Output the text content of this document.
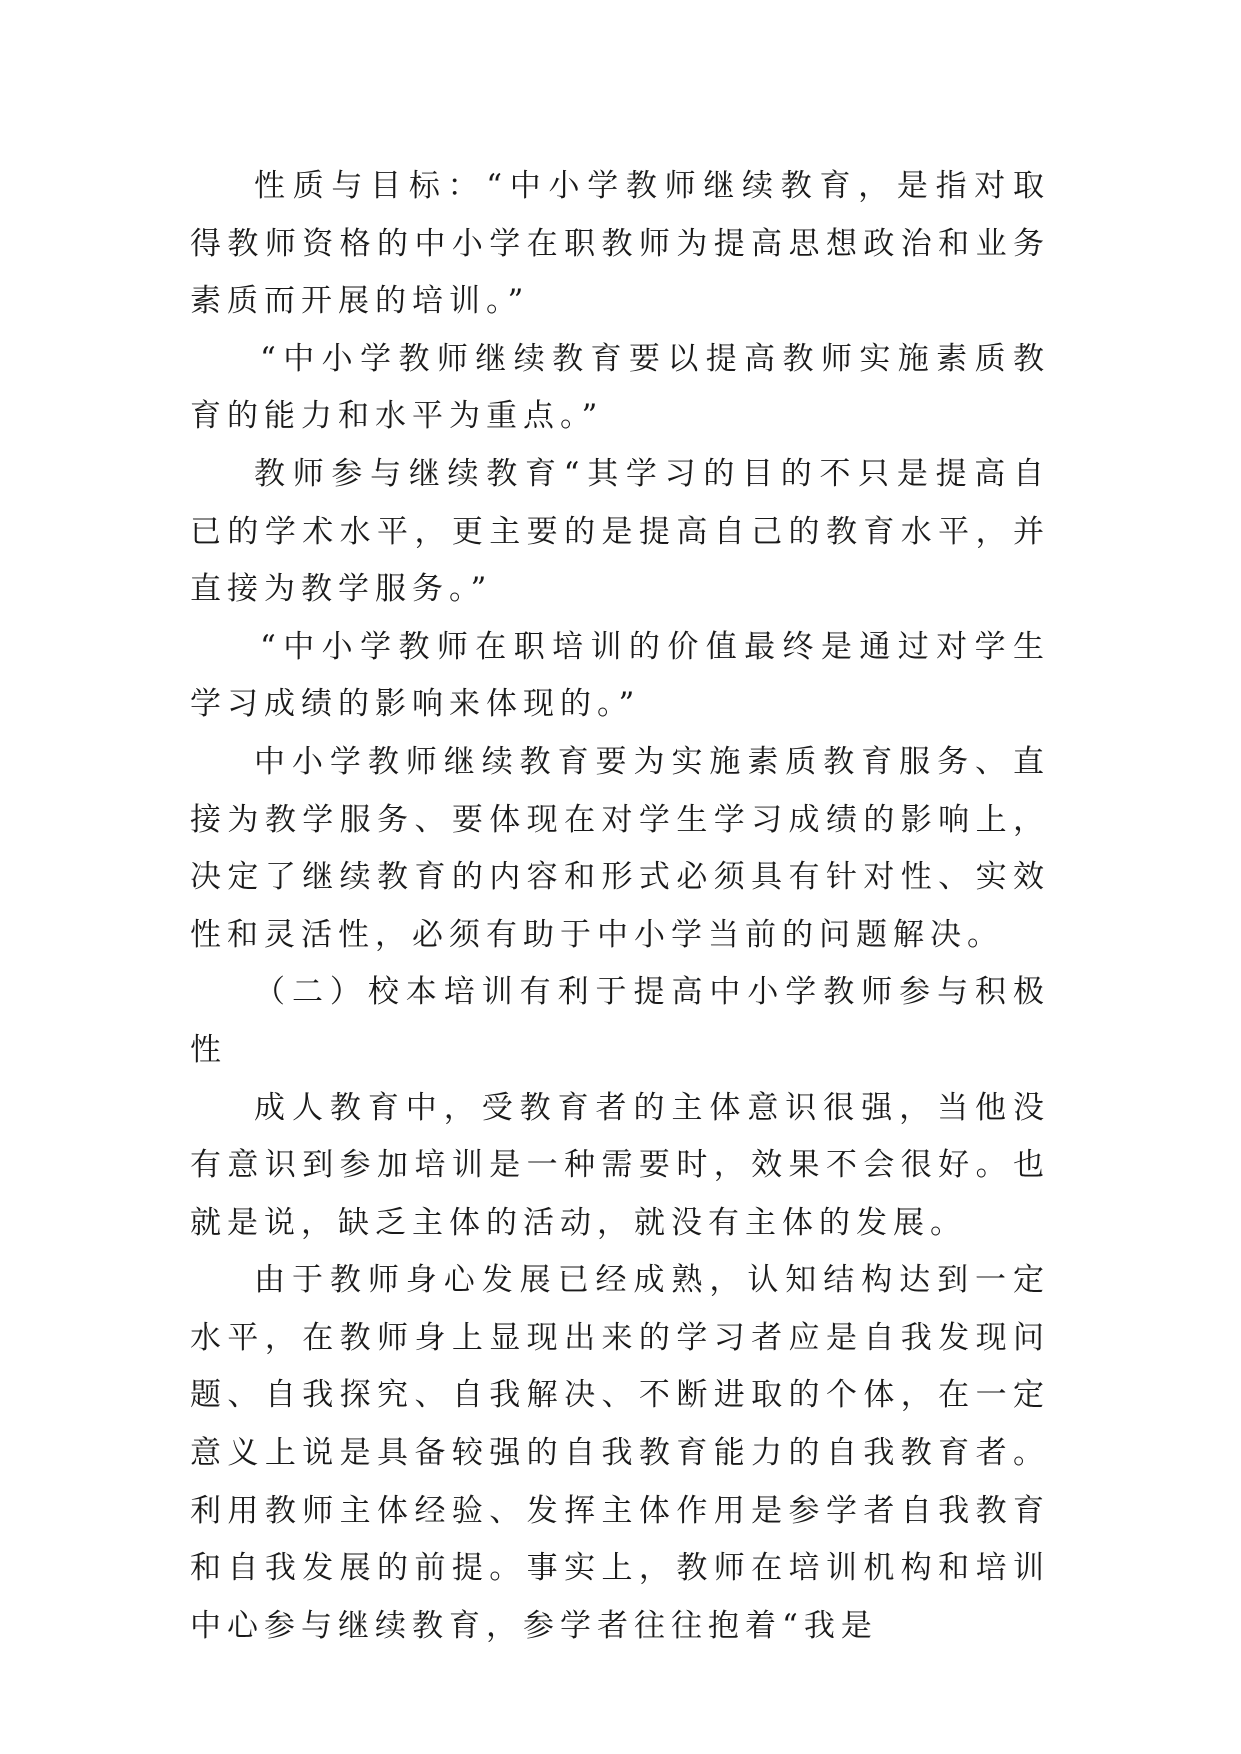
性质与目标：“中小学教师继续教育，是指对取得教师资格的中小学在职教师为提高思想政治和业务素质而开展的培训。”

“中小学教师继续教育要以提高教师实施素质教育的能力和水平为重点。”

教师参与继续教育“其学习的目的不只是提高自已的学术水平，更主要的是提高自己的教育水平，并直接为教学服务。”

“中小学教师在职培训的价值最终是通过对学生学习成绩的影响来体现的。”

中小学教师继续教育要为实施素质教育服务、直接为教学服务、要体现在对学生学习成绩的影响上，决定了继续教育的内容和形式必须具有针对性、实效性和灵活性，必须有助于中小学当前的问题解决。

（二）校本培训有利于提高中小学教师参与积极性

成人教育中，受教育者的主体意识很强，当他没有意识到参加培训是一种需要时，效果不会很好。也就是说，缺乏主体的活动，就没有主体的发展。

由于教师身心发展已经成熟，认知结构达到一定水平，在教师身上显现出来的学习者应是自我发现问题、自我探究、自我解决、不断进取的个体，在一定意义上说是具备较强的自我教育能力的自我教育者。利用教师主体经验、发挥主体作用是参学者自我教育和自我发展的前提。事实上，教师在培训机构和培训中心参与继续教育，参学者往往抱着“我是
